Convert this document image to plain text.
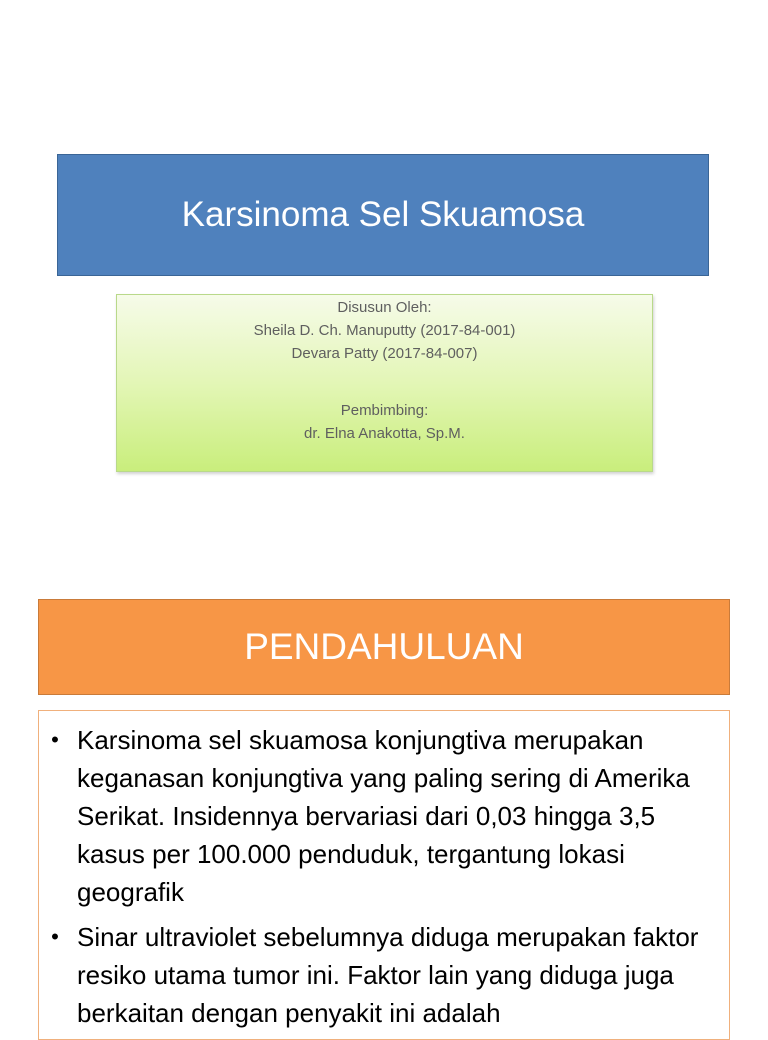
Karsinoma Sel Skuamosa
Disusun Oleh:
Sheila D. Ch. Manuputty (2017-84-001)
Devara Patty (2017-84-007)
Pembimbing:
dr. Elna Anakotta, Sp.M.
PENDAHULUAN
• Karsinoma sel skuamosa konjungtiva merupakan keganasan konjungtiva yang paling sering di Amerika Serikat. Insidennya bervariasi dari 0,03 hingga 3,5 kasus per 100.000 penduduk, tergantung lokasi geografik
• Sinar ultraviolet sebelumnya diduga merupakan faktor resiko utama tumor ini. Faktor lain yang diduga juga berkaitan dengan penyakit ini adalah
